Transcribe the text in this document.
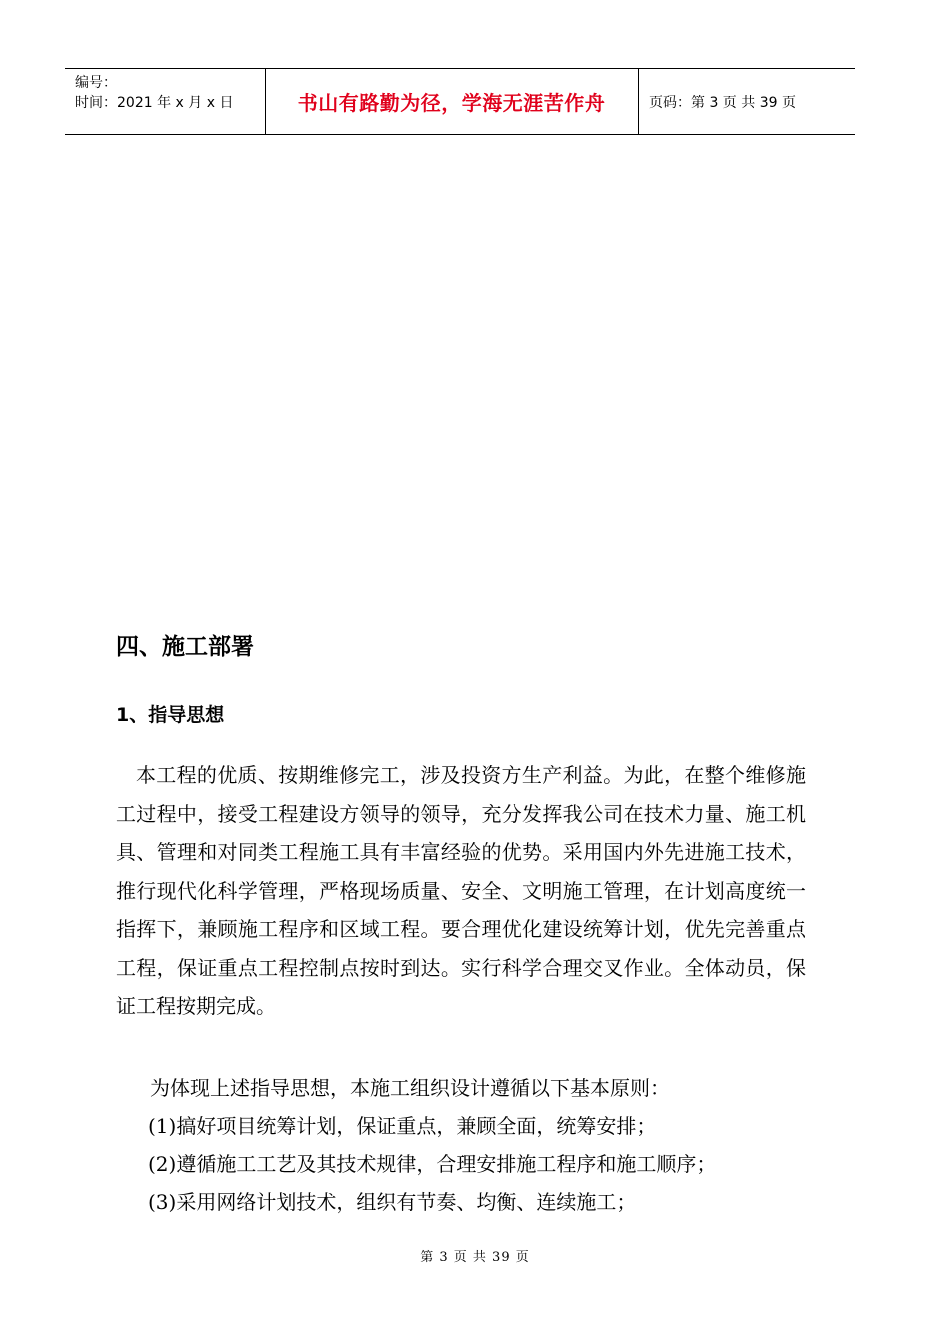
编号：
时间：2021 年 x 月 x 日	书山有路勤为径，学海无涯苦作舟	页码：第 3 页 共 39 页
四、施工部署
1、指导思想
本工程的优质、按期维修完工，涉及投资方生产利益。为此，在整个维修施工过程中，接受工程建设方领导的领导，充分发挥我公司在技术力量、施工机具、管理和对同类工程施工具有丰富经验的优势。采用国内外先进施工技术，推行现代化科学管理，严格现场质量、安全、文明施工管理，在计划高度统一指挥下，兼顾施工程序和区域工程。要合理优化建设统筹计划，优先完善重点工程，保证重点工程控制点按时到达。实行科学合理交叉作业。全体动员，保证工程按期完成。
为体现上述指导思想，本施工组织设计遵循以下基本原则：
(1)搞好项目统筹计划，保证重点，兼顾全面，统筹安排；
(2)遵循施工工艺及其技术规律，合理安排施工程序和施工顺序；
(3)采用网络计划技术，组织有节奏、均衡、连续施工；
第 3 页 共 39 页
